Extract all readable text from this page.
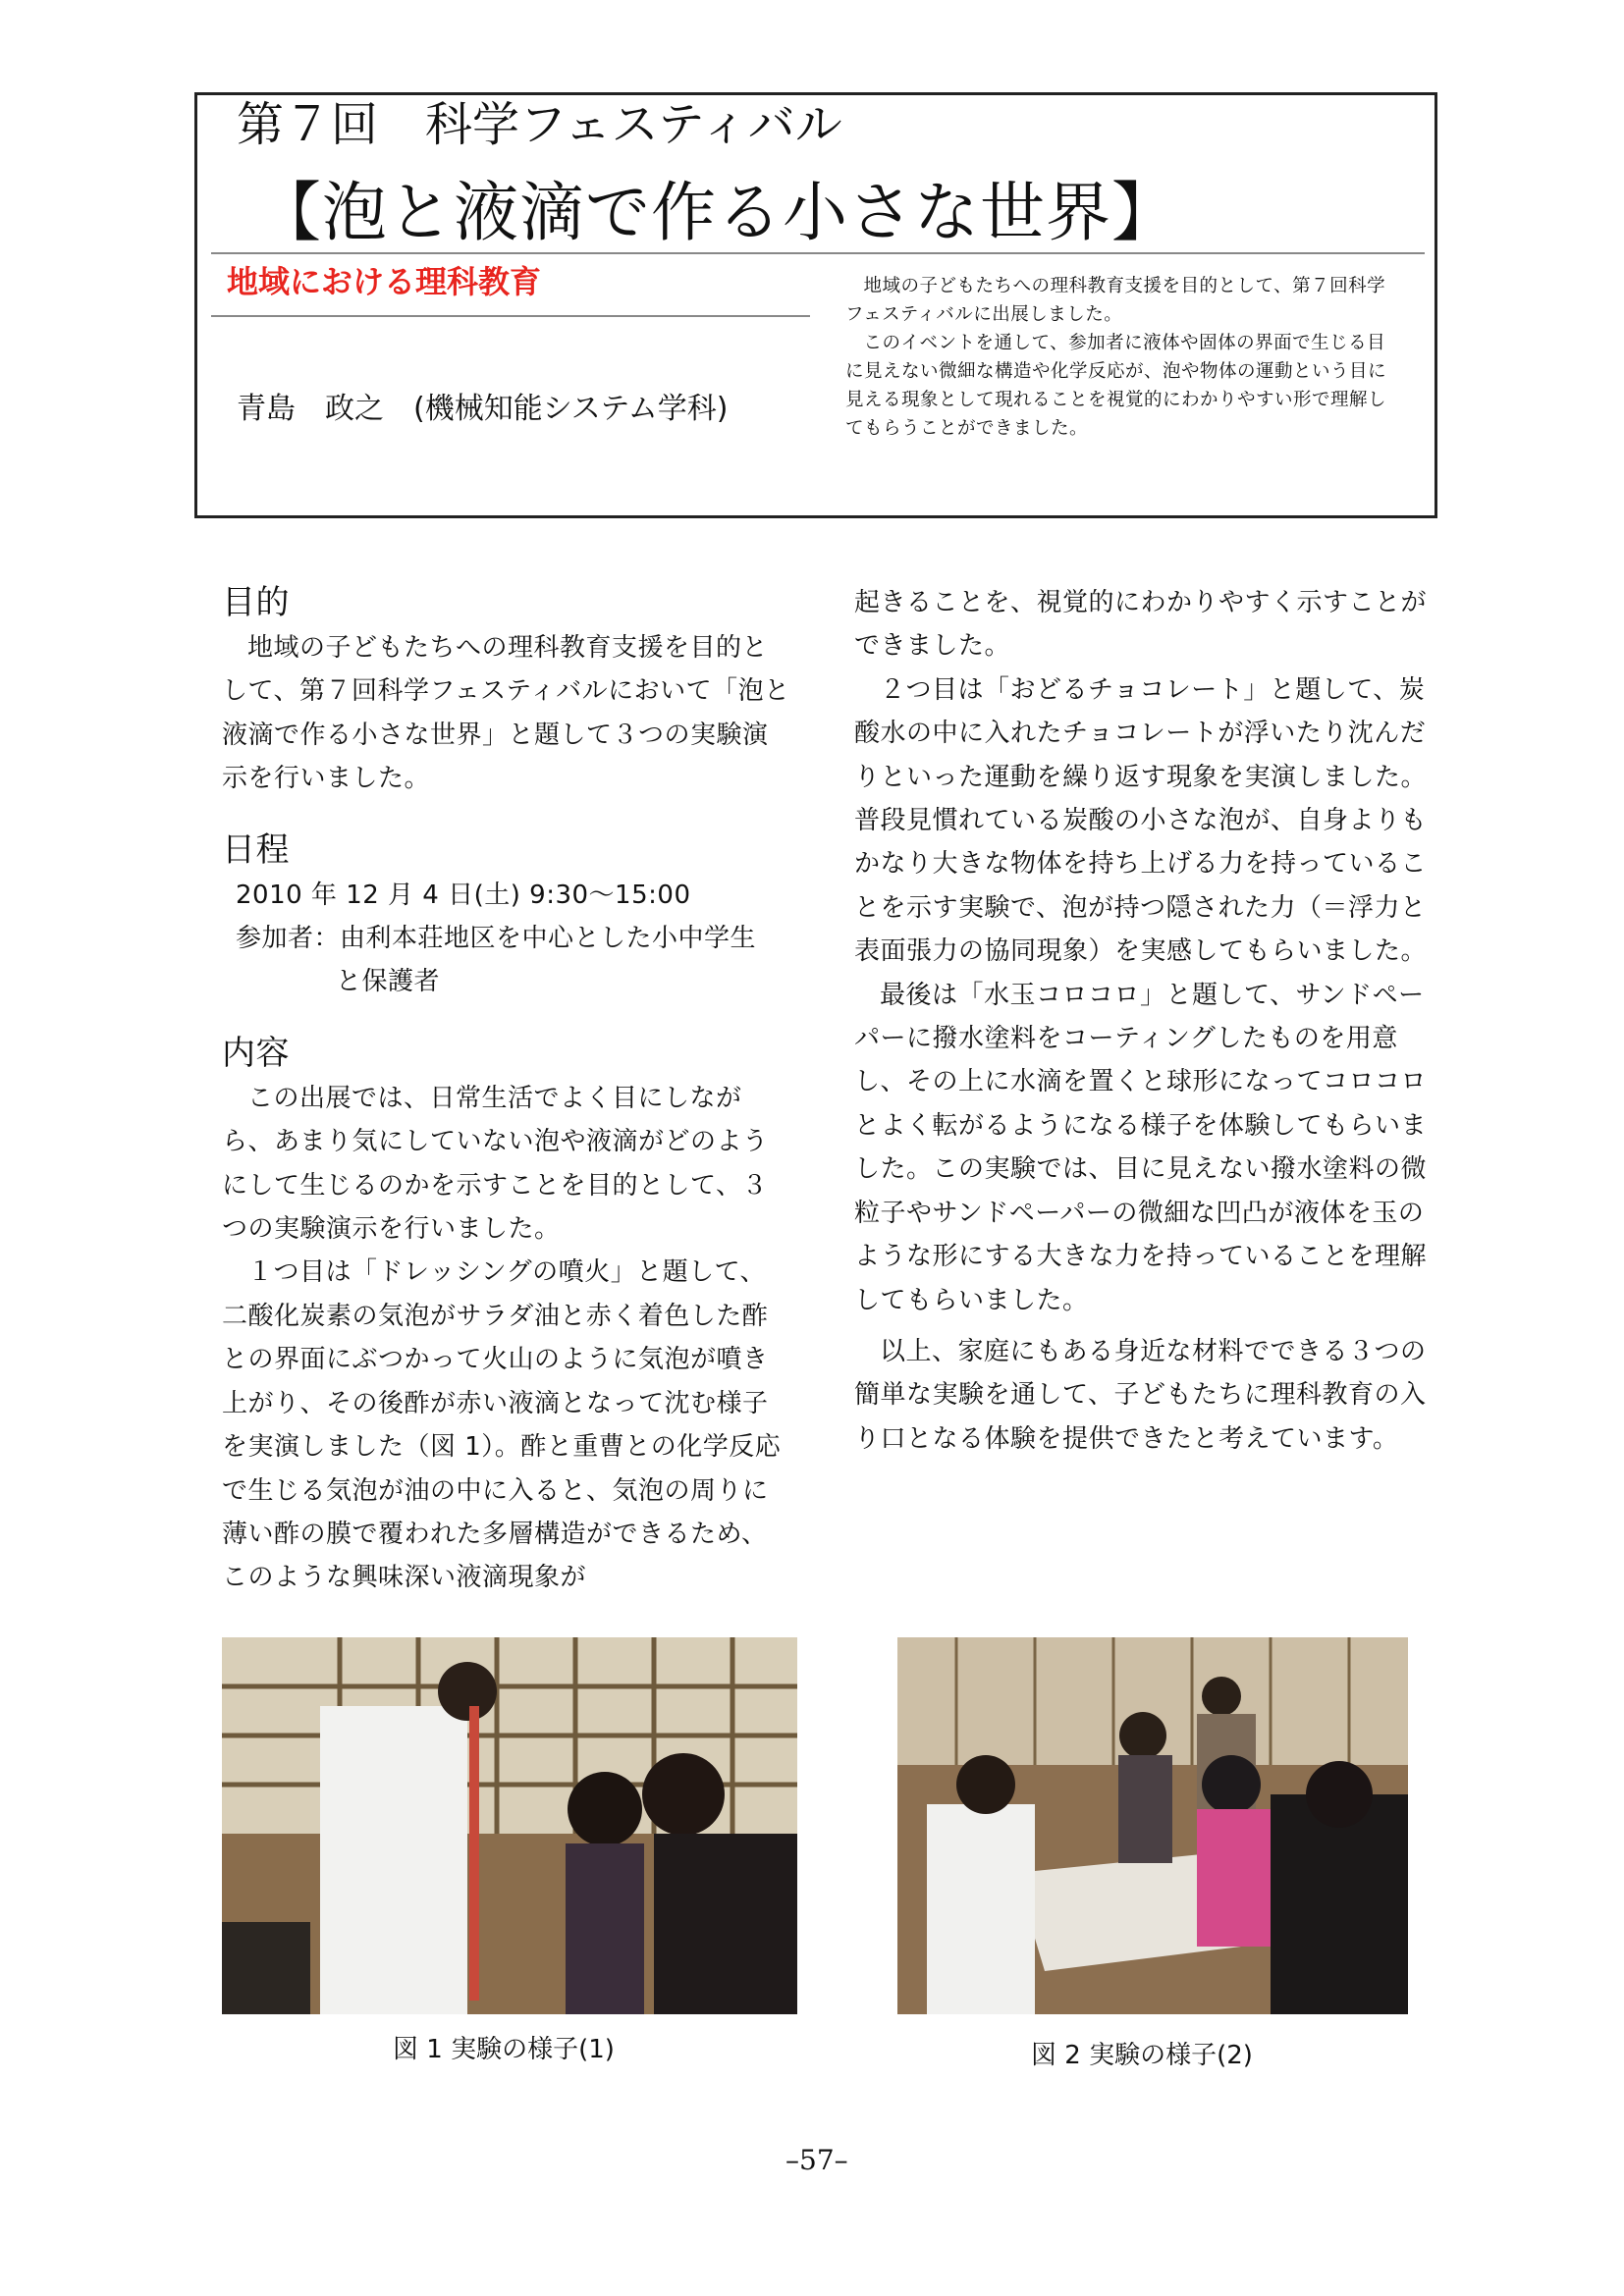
第７回　科学フェスティバル
【泡と液滴で作る小さな世界】
地域における理科教育
青島　政之　(機械知能システム学科)

地域の子どもたちへの理科教育支援を目的として、第７回科学フェスティバルに出展しました。

このイベントを通して、参加者に液体や固体の界面で生じる目に見えない微細な構造や化学反応が、泡や物体の運動という目に見える現象として現れることを視覚的にわかりやすい形で理解してもらうことができました。

目的

地域の子どもたちへの理科教育支援を目的として、第７回科学フェスティバルにおいて「泡と液滴で作る小さな世界」と題して３つの実験演示を行いました。

日程

2010 年 12 月 4 日(土) 9:30～15:00

参加者：由利本荘地区を中心とした小中学生

と保護者

内容

この出展では、日常生活でよく目にしながら、あまり気にしていない泡や液滴がどのようにして生じるのかを示すことを目的として、３つの実験演示を行いました。

１つ目は「ドレッシングの噴火」と題して、二酸化炭素の気泡がサラダ油と赤く着色した酢との界面にぶつかって火山のように気泡が噴き上がり、その後酢が赤い液滴となって沈む様子を実演しました（図 1）。酢と重曹との化学反応で生じる気泡が油の中に入ると、気泡の周りに薄い酢の膜で覆われた多層構造ができるため、このような興味深い液滴現象が

起きることを、視覚的にわかりやすく示すことができました。

２つ目は「おどるチョコレート」と題して、炭酸水の中に入れたチョコレートが浮いたり沈んだりといった運動を繰り返す現象を実演しました。普段見慣れている炭酸の小さな泡が、自身よりもかなり大きな物体を持ち上げる力を持っていることを示す実験で、泡が持つ隠された力（＝浮力と表面張力の協同現象）を実感してもらいました。

最後は「水玉コロコロ」と題して、サンドペーパーに撥水塗料をコーティングしたものを用意し、その上に水滴を置くと球形になってコロコロとよく転がるようになる様子を体験してもらいました。この実験では、目に見えない撥水塗料の微粒子やサンドペーパーの微細な凹凸が液体を玉のような形にする大きな力を持っていることを理解してもらいました。

以上、家庭にもある身近な材料でできる３つの簡単な実験を通して、子どもたちに理科教育の入り口となる体験を提供できたと考えています。

図 1 実験の様子(1)	図 2 実験の様子(2)
–57–
